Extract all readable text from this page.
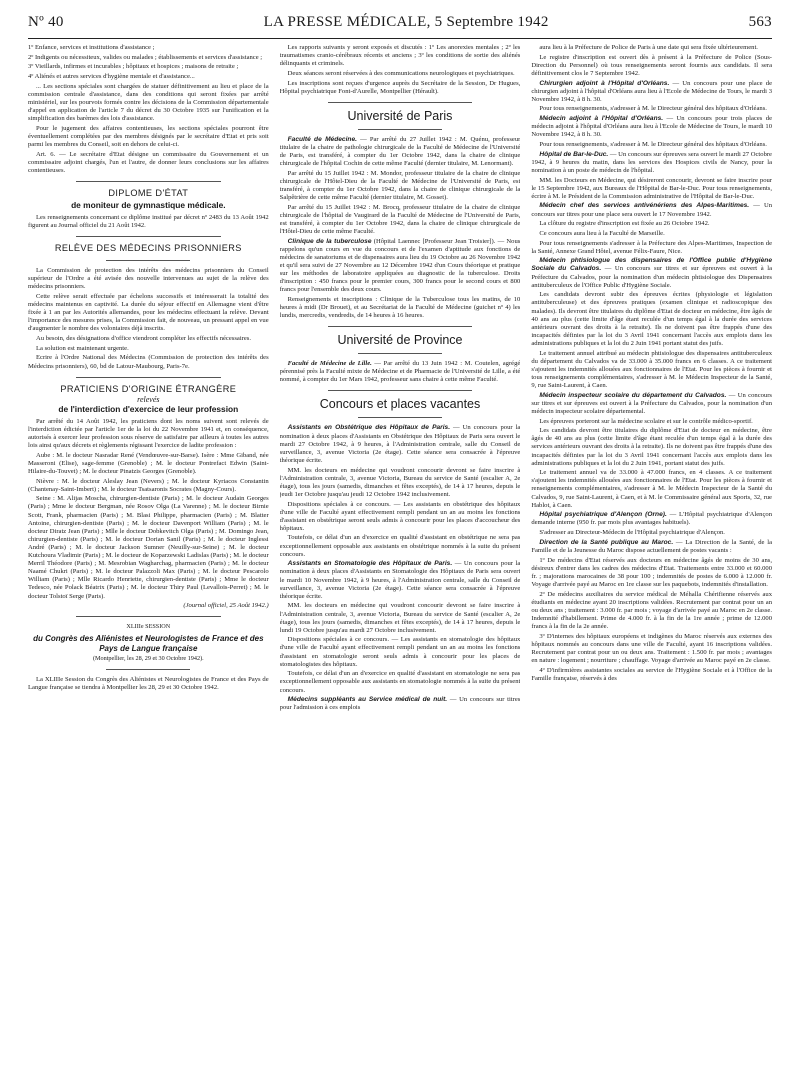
Nº 40	LA PRESSE MÉDICALE, 5 Septembre 1942	563

1º Enfance, services et institutions d'assistance ;

2º Indigents ou nécessiteux, valides ou malades ; établissements et services d'assistance ;

3º Vieillards, infirmes et incurables ; hôpitaux et hospices ; maisons de retraite ;

4º Aliénés et autres services d'hygiène mentale et d'assistance...

... Les sections spéciales sont chargées de statuer définitivement au lieu et place de la commission centrale d'assistance, dans des conditions qui seront fixées par arrêté ministériel, sur les pourvois formés contre les décisions de la Commission départementale d'appel en application de l'article 7 du décret du 30 Octobre 1935 sur l'unification et la simplification des barèmes des lois d'assistance.

Pour le jugement des affaires contentieuses, les sections spéciales pourront être éventuellement complétées par des membres désignés par le secrétaire d'Etat et pris soit parmi les membres du Conseil, soit en dehors de celui-ci.

Art. 6. — Le secrétaire d'Etat désigne un commissaire du Gouvernement et un commissaire adjoint chargés, l'un et l'autre, de donner leurs conclusions sur les affaires contentieuses.

DIPLOME D'ÉTAT
de moniteur de gymnastique médicale.

Les renseignements concernant ce diplôme institué par décret nº 2483 du 13 Août 1942 figurent au Journal officiel du 21 Août 1942.

RELÈVE DES MÉDECINS PRISONNIERS

La Commission de protection des intérêts des médecins prisonniers du Conseil supérieur de l'Ordre a été avisée des nouvelle intervenues au sujet de la relève des médecins prisonniers.

Cette relève serait effectuée par échelons successifs et intéresserait la totalité des médecins maintenus en captivité. La durée du séjour effectif en Allemagne vient d'être fixée à 1 an par les Autorités allemandes, pour les médecins effectuant la relève. Devant l'importance des mesures prises, la Commission fait, de nouveau, un pressant appel en vue d'augmenter le nombre des volontaires déjà inscrits.

Au besoin, des désignations d'office viendront compléter les effectifs nécessaires.

La solution est maintenant urgente.

Ecrire à l'Ordre National des Médecins (Commission de protection des intérêts des Médecins prisonniers), 60, bd de Latour-Maubourg, Paris-7e.

PRATICIENS D'ORIGINE ÉTRANGÈRE
relevés
de l'interdiction d'exercice de leur profession

Par arrêté du 14 Août 1942, les praticiens dont les noms suivent sont relevés de l'interdiction édictée par l'article 1er de la loi du 22 Novembre 1941 et, en conséquence, autorisés à exercer leur profession sous réserve de satisfaire par ailleurs à toutes les autres lois ainsi qu'aux décrets et règlements régissant l'exercice de ladite profession :

Aube : M. le docteur Nasradar René (Vendœuvre-sur-Barse). Isère : Mme Giband, née Masseroni (Elise), sage-femme (Grenoble) ; M. le docteur Pontrefact Edwin (Saint-Hilaire-du-Touvet) ; M. le docteur Pinatzis Georges (Grenoble).

Nièvre : M. le docteur Aleslay Jean (Nevers) ; M. le docteur Kyriacos Constantin (Chantenay-Saint-Imbert) ; M. le docteur Tsatsaronis Socrates (Magny-Cours).

Seine : M. Alijas Moscha, chirurgien-dentiste (Paris) ; M. le docteur Audain Georges (Paris) ; Mme le docteur Bergman, née Rosov Olga (La Varenne) ; M. le docteur Birnie Scott, Frank, pharmacien (Paris) ; M. Blasi Philippe, pharmacien (Paris) ; M. Blatter Antoine, chirurgien-dentiste (Paris) ; M. le docteur Davenport William (Paris) ; M. le docteur Diratz Jean (Paris) ; Mlle le docteur Dobkevitch Olga (Paris) ; M. Domingo Jean, chirurgien-dentiste (Paris) ; M. le docteur Dorian Sanil (Paris) ; M. le docteur Inglessi André (Paris) ; M. le docteur Jackson Sumner (Neuilly-sur-Seine) ; M. le docteur Kutchoura Vladimir (Paris) ; M. le docteur de Koparzewski Ladislas (Paris) ; M. le docteur Merril Théodore (Paris) ; M. Mesrobian Wagharchag, pharmacien (Paris) ; M. le docteur Naamé Chukri (Paris) ; M. le docteur Palazzoli Max (Paris) ; M. le docteur Pescarolo William (Paris) ; Mlle Ricardo Henriette, chirurgien-dentiste (Paris) ; Mme le docteur Tedesco, née Polack Béatrix (Paris) ; M. le docteur Thiry Paul (Levallois-Perret) ; M. le docteur Tolstoï Serge (Paris).

(Journal officiel, 25 Août 1942.)
XLIIIe SESSION
du Congrès des Aliénistes et Neurologistes de France et des Pays de Langue française
(Montpellier, les 28, 29 et 30 Octobre 1942).

La XLIIIe Session du Congrès des Aliénistes et Neurologistes de France et des Pays de Langue française se tiendra à Montpellier les 28, 29 et 30 Octobre 1942.

Les rapports suivants y seront exposés et discutés : 1º Les anorexies mentales ; 2º les traumatismes cranio-cérébraux récents et anciens ; 3º les conditions de sortie des aliénés délinquants et criminels.

Deux séances seront réservées à des communications neurologiques et psychiatriques.

Les inscriptions sont reçues d'urgence auprès du Secrétaire de la Session, Dr Hugues, Hôpital psychiatrique Font-d'Aurelle, Montpellier (Hérault).

Université de Paris

Faculté de Médecine. — Par arrêté du 27 Juillet 1942 : M. Quénu, professeur titulaire de la chaire de pathologie chirurgicale de la Faculté de Médecine de l'Université de Paris, est transféré, à compter du 1er Octobre 1942, dans la chaire de clinique chirurgicale de l'hôpital Cochin de cette même Faculté (dernier titulaire, M. Lenormant).

Par arrêté du 15 Juillet 1942 : M. Mondor, professeur titulaire de la chaire de clinique chirurgicale de l'Hôtel-Dieu de la Faculté de Médecine de l'Université de Paris, est transféré, à compter du 1er Octobre 1942, dans la chaire de clinique chirurgicale de la Salpêtrière de cette même Faculté (dernier titulaire, M. Gosset).

Par arrêté du 15 Juillet 1942 : M. Brocq, professeur titulaire de la chaire de clinique chirurgicale de l'hôpital de Vaugirard de la Faculté de Médecine de l'Université de Paris, est transféré, à compter du 1er Octobre 1942, dans la chaire de clinique chirurgicale de l'Hôtel-Dieu de cette même Faculté.

Clinique de la tuberculose (Hôpital Laennec [Professeur Jean Troisier]). — Nous rappelons qu'un cours en vue du concours et de l'examen d'aptitude aux fonctions de médecins de sanatoriums et de dispensaires aura lieu du 19 Octobre au 26 Novembre 1942 et qu'il sera suivi de 27 Novembre au 12 Décembre 1942 d'un Cours théorique et pratique sur les méthodes de laboratoire appliquées au diagnostic de la tuberculose. Droits d'inscription : 450 francs pour le premier cours, 300 francs pour le second cours et 800 francs pour l'ensemble des deux cours.

Renseignements et inscriptions : Clinique de la Tuberculose tous les matins, de 10 heures à midi (Dr Brouet), et au Secrétariat de la Faculté de Médecine (guichet nº 4) les lundis, mercredis, vendredis, de 14 heures à 16 heures.

Université de Province

Faculté de Médecine de Lille. — Par arrêté du 13 Juin 1942 : M. Coutelen, agrégé pérennisé près la Faculté mixte de Médecine et de Pharmacie de l'Université de Lille, a été nommé, à compter du 1er Mars 1942, professeur sans chaire à cette même Faculté.

Concours et places vacantes

Assistants en Obstétrique des Hôpitaux de Paris. — Un concours pour la nomination à deux places d'Assistants en Obstétrique des Hôpitaux de Paris sera ouvert le mardi 27 Octobre 1942, à 9 heures, à l'Administration centrale, salle du Conseil de surveillance, 3, avenue Victoria (2e étage). Cette séance sera consacrée à l'épreuve théorique écrite.

MM. les docteurs en médecine qui voudront concourir devront se faire inscrire à l'Administration centrale, 3, avenue Victoria, Bureau du service de Santé (escalier A, 2e étage), tous les jours (samedis, dimanches et fêtes exceptés), de 14 à 17 heures, depuis le jeudi 1er Octobre jusqu'au jeudi 12 Octobre 1942 inclusivement.

Dispositions spéciales à ce concours. — Les assistants en obstétrique des hôpitaux d'une ville de Faculté ayant effectivement rempli pendant un an au moins les fonctions d'assistant en obstétrique seront seuls admis à concourir pour les places d'accoucheur des hôpitaux.

Toutefois, ce délai d'un an d'exercice en qualité d'assistant en obstétrique ne sera pas exceptionnellement opposable aux assistants en obstétrique nommés à la suite du présent concours.

Assistants en Stomatologie des Hôpitaux de Paris. — Un concours pour la nomination à deux places d'Assistants en Stomatologie des Hôpitaux de Paris sera ouvert le mardi 10 Novembre 1942, à 9 heures, à l'Administration centrale, salle du Conseil de surveillance, 3, avenue Victoria (2e étage). Cette séance sera consacrée à l'épreuve théorique écrite.

MM. les docteurs en médecine qui voudront concourir devront se faire inscrire à l'Administration centrale, 3, avenue Victoria, Bureau du service de Santé (escalier A, 2e étage), tous les jours (samedis, dimanches et fêtes exceptés), de 14 à 17 heures, depuis le lundi 19 Octobre jusqu'au mardi 27 Octobre inclusivement.

Dispositions spéciales à ce concours. — Les assistants en stomatologie des hôpitaux d'une ville de Faculté ayant effectivement rempli pendant un an au moins les fonctions d'assistant en stomatologie seront seuls admis à concourir pour les places de stomatologistes des hôpitaux.

Toutefois, ce délai d'un an d'exercice en qualité d'assistant en stomatologie ne sera pas exceptionnellement opposable aux assistants en stomatologie nommés à la suite du présent concours.

Médecins suppléants au Service médical de nuit. — Un concours sur titres pour l'admission à ces emplois

aura lieu à la Préfecture de Police de Paris à une date qui sera fixée ultérieurement.

Le registre d'inscription est ouvert dès à présent à la Préfecture de Police (Sous-Direction du Personnel) où tous renseignements seront fournis aux candidats. Il sera définitivement clos le 7 Septembre 1942.

Chirurgien adjoint à l'Hôpital d'Orléans. — Un concours pour une place de chirurgien adjoint à l'hôpital d'Orléans aura lieu à l'Ecole de Médecine de Tours, le mardi 3 Novembre 1942, à 8 h. 30.

Pour tous renseignements, s'adresser à M. le Directeur général des hôpitaux d'Orléans.

Médecin adjoint à l'Hôpital d'Orléans. — Un concours pour trois places de médecin adjoint à l'hôpital d'Orléans aura lieu à l'Ecole de Médecine de Tours, le mardi 10 Novembre 1942, à 8 h. 30.

Pour tous renseignements, s'adresser à M. le Directeur général des hôpitaux d'Orléans.

Hôpital de Bar-le-Duc. — Un concours sur épreuves sera ouvert le mardi 27 Octobre 1942, à 9 heures du matin, dans les services des Hospices civils de Nancy, pour la nomination à un poste de médecin de l'hôpital.

MM. les Docteurs en Médecine, qui désireront concourir, devront se faire inscrire pour le 15 Septembre 1942, aux Bureaux de l'Hôpital de Bar-le-Duc. Pour tous renseignements, écrire à M. le Président de la Commission administrative de l'Hôpital de Bar-le-Duc.

Médecin chef des services antivénériens des Alpes-Maritimes. — Un concours sur titres pour une place sera ouvert le 17 Novembre 1942.

La clôture du registre d'inscription est fixée au 26 Octobre 1942.

Ce concours aura lieu à la Faculté de Marseille.

Pour tous renseignements s'adresser à la Préfecture des Alpes-Maritimes, Inspection de la Santé, Annexe Grand Hôtel, avenue Félix-Faure, Nice.

Médecin phtisiologue des dispensaires de l'Office public d'Hygiène Sociale du Calvados. — Un concours sur titres et sur épreuves est ouvert à la Préfecture du Calvados, pour la nomination d'un médecin phtisiologue des Dispensaires antituberculeux de l'Office Public d'Hygiène Sociale.

Les candidats devront subir des épreuves écrites (physiologie et législation antituberculeuse) et des épreuves pratiques (examen clinique et radioscopique des malades). Ils devront être titulaires du diplôme d'Etat de docteur en médecine, être âgés de 40 ans au plus (cette limite d'âge étant reculée d'un temps égal à la durée des services antérieurs ouvrant des droits à la retraite). Ils ne doivent pas être frappés d'une des incapacités définies par la loi du 3 Avril 1941 concernant l'accès aux emplois dans les administrations publiques et la loi du 2 Juin 1941 portant statut des juifs.

Le traitement annuel attribué au médecin phtisiologue des dispensaires antituberculeux du département du Calvados va de 33.000 à 35.000 francs en 6 classes. A ce traitement s'ajoutent les indemnités allouées aux fonctionnaires de l'Etat. Pour les pièces à fournir et tous renseignements complémentaires, s'adresser à M. le Médecin Inspecteur de la Santé, 9, rue Saint-Laurent, à Caen.

Médecin inspecteur scolaire du département du Calvados. — Un concours sur titres et sur épreuves est ouvert à la Préfecture du Calvados, pour la nomination d'un médecin inspecteur scolaire départemental.

Les épreuves porteront sur la médecine scolaire et sur le contrôle médico-sportif.

Les candidats devront être titulaires du diplôme d'Etat de docteur en médecine, être âgés de 40 ans au plus (cette limite d'âge étant reculée d'un temps égal à la durée des services antérieurs ouvrant des droits à la retraite). Ils ne doivent pas être frappés d'une des incapacités définies par la loi du 3 Avril 1941 concernant l'accès aux emplois dans les administrations publiques et la loi du 2 Juin 1941, portant statut des juifs.

Le traitement annuel va de 33.000 à 47.000 francs, en 4 classes. A ce traitement s'ajoutent les indemnités allouées aux fonctionnaires de l'Etat. Pour les pièces à fournir et renseignements complémentaires, s'adresser à M. le Médecin Inspecteur de la Santé du Calvados, 9, rue Saint-Laurent, à Caen, et à M. le Commissaire général aux Sports, 32, rue Hablot, à Caen.

Hôpital psychiatrique d'Alençon (Orne). — L'Hôpital psychiatrique d'Alençon demande interne (950 fr. par mois plus avantages habituels).

S'adresser au Directeur-Médecin de l'Hôpital psychiatrique d'Alençon.

Direction de la Santé publique au Maroc. — La Direction de la Santé, de la Famille et de la Jeunesse du Maroc dispose actuellement de postes vacants :

1º De médecins d'Etat réservés aux docteurs en médecine âgés de moins de 30 ans, désireux d'entrer dans les cadres des médecins d'Etat. Traitements entre 33.000 et 60.000 fr. ; majorations marocaines de 38 pour 100 ; indemnités de postes de 6.000 à 12.000 fr. Voyage d'arrivée payé au Maroc en 1re classe sur les paquebots, indemnités d'installation.

2º De médecins auxiliaires du service médical de Méhalla Chérifienne réservés aux étudiants en médecine ayant 20 inscriptions validées. Recrutement par contrat pour un an ou deux ans ; traitement : 3.000 fr. par mois ; voyage d'arrivée payé au Maroc en 2e classe. Indemnité d'habillement. Prime de 4.000 fr. à la fin de la 1re année ; prime de 12.000 francs à la fin de la 2e année.

3º D'internes des hôpitaux européens et indigènes du Maroc réservés aux externes des hôpitaux nommés au concours dans une ville de Faculté, ayant 16 inscriptions validées. Recrutement par contrat pour un ou deux ans. Traitement : 1.500 fr. par mois ; avantages en nature : logement ; nourriture ; chauffage. Voyage d'arrivée au Maroc payé en 2e classe.

4º D'infirmières assistantes sociales au service de l'Hygiène Sociale et à l'Office de la Famille française, réservés à des
